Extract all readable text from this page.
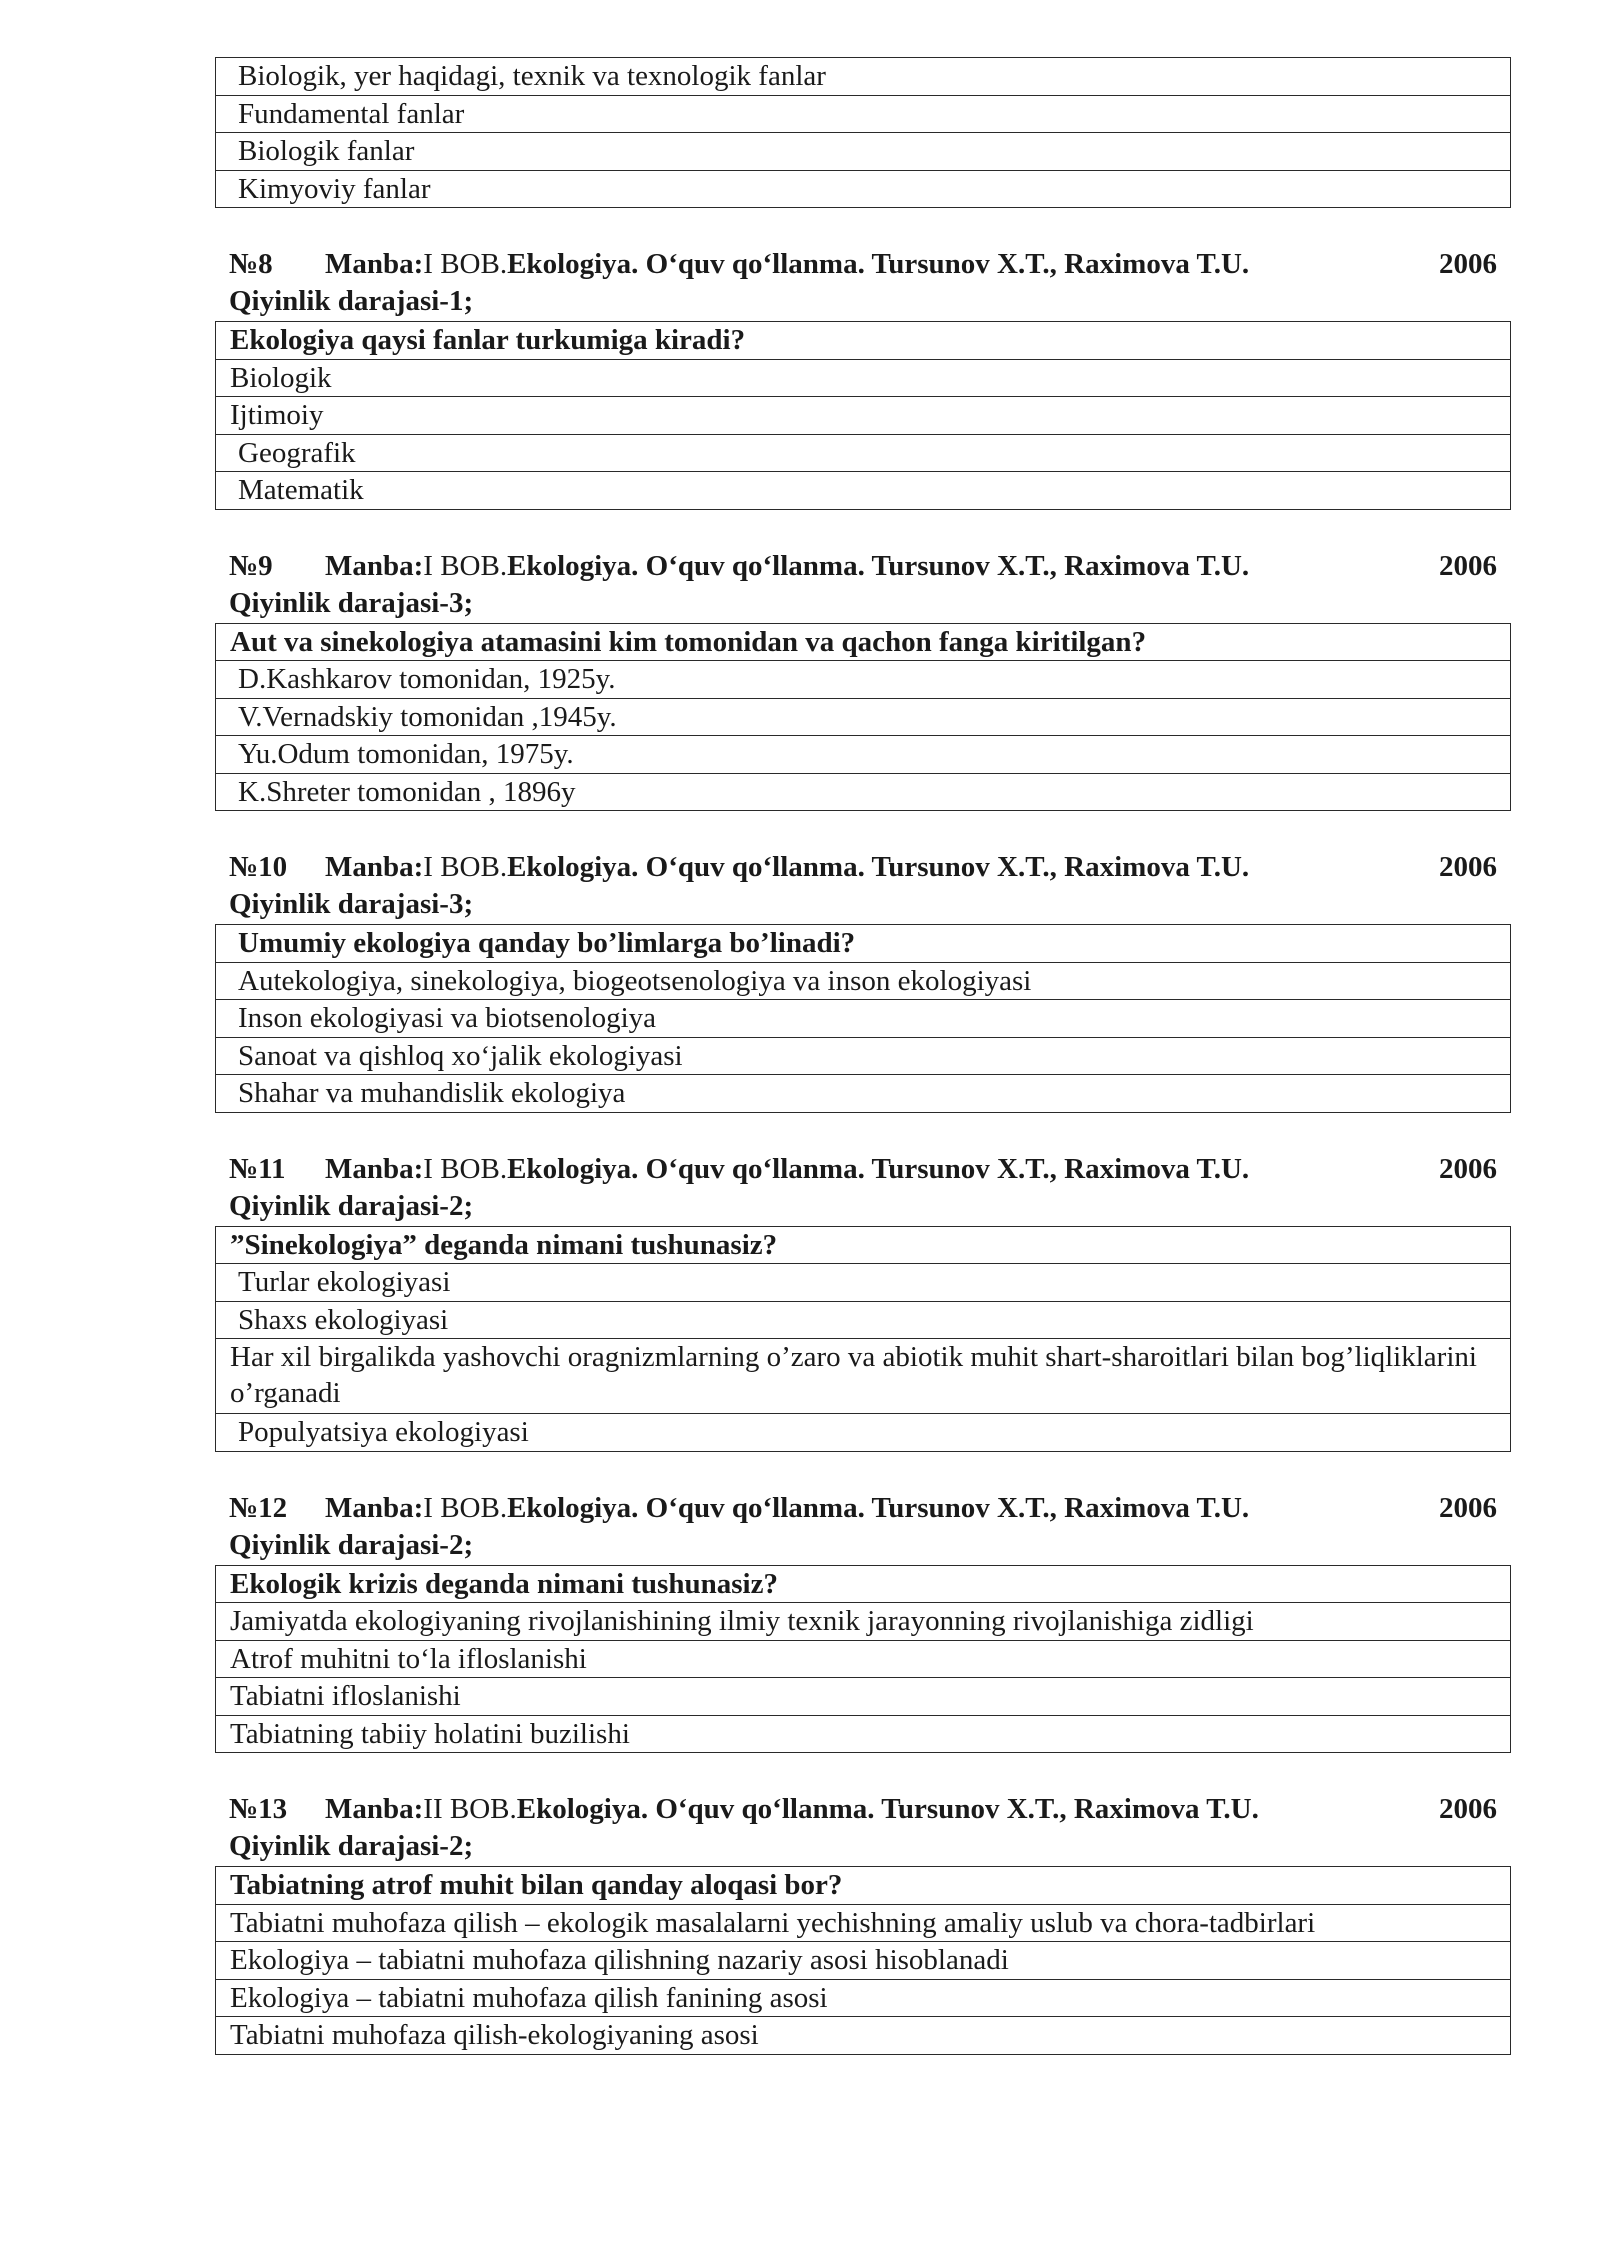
Biologik, yer haqidagi, texnik va texnologik fanlar
Fundamental fanlar
Biologik fanlar
Kimyoviy fanlar
№8	Manba: I BOB. Ekologiya. O‘quv qo‘llanma. Tursunov X.T., Raximova T.U.	2006
Qiyinlik darajasi-1;
Ekologiya qaysi fanlar turkumiga kiradi?
Biologik
Ijtimoiy
Geografik
Matematik
№9	Manba: I BOB. Ekologiya. O‘quv qo‘llanma. Tursunov X.T., Raximova T.U.	2006
Qiyinlik darajasi-3;
Aut va sinekologiya atamasini kim tomonidan va qachon fanga kiritilgan?
D.Kashkarov tomonidan, 1925y.
V.Vernadskiy tomonidan ,1945y.
Yu.Odum tomonidan, 1975y.
K.Shreter tomonidan , 1896y
№10	Manba: I BOB. Ekologiya. O‘quv qo‘llanma. Tursunov X.T., Raximova T.U.	2006
Qiyinlik darajasi-3;
Umumiy ekologiya qanday bo’limlarga bo’linadi?
Autekologiya, sinekologiya, biogeotsenologiya va inson ekologiyasi
Inson ekologiyasi va biotsenologiya
Sanoat va qishloq xo‘jalik ekologiyasi
Shahar va muhandislik ekologiya
№11	Manba: I BOB. Ekologiya. O‘quv qo‘llanma. Tursunov X.T., Raximova T.U.	2006
Qiyinlik darajasi-2;
”Sinekologiya” deganda nimani tushunasiz?
Turlar ekologiyasi
Shaxs ekologiyasi
Har xil birgalikda yashovchi oragnizmlarning o’zaro va abiotik muhit shart-sharoitlari bilan bog’liqliklarini o’rganadi
Populyatsiya ekologiyasi
№12	Manba: I BOB. Ekologiya. O‘quv qo‘llanma. Tursunov X.T., Raximova T.U.	2006
Qiyinlik darajasi-2;
Ekologik krizis deganda nimani tushunasiz?
Jamiyatda ekologiyaning rivojlanishining ilmiy texnik jarayonning rivojlanishiga zidligi
Atrof muhitni to‘la ifloslanishi
Tabiatni ifloslanishi
Tabiatning tabiiy holatini buzilishi
№13	Manba: II BOB. Ekologiya. O‘quv qo‘llanma. Tursunov X.T., Raximova T.U.	2006
Qiyinlik darajasi-2;
Tabiatning atrof muhit bilan qanday aloqasi bor?
Tabiatni muhofaza qilish – ekologik masalalarni yechishning amaliy uslub va chora-tadbirlari
Ekologiya – tabiatni muhofaza qilishning nazariy asosi hisoblanadi
Ekologiya – tabiatni muhofaza qilish fanining asosi
Tabiatni muhofaza qilish-ekologiyaning asosi
